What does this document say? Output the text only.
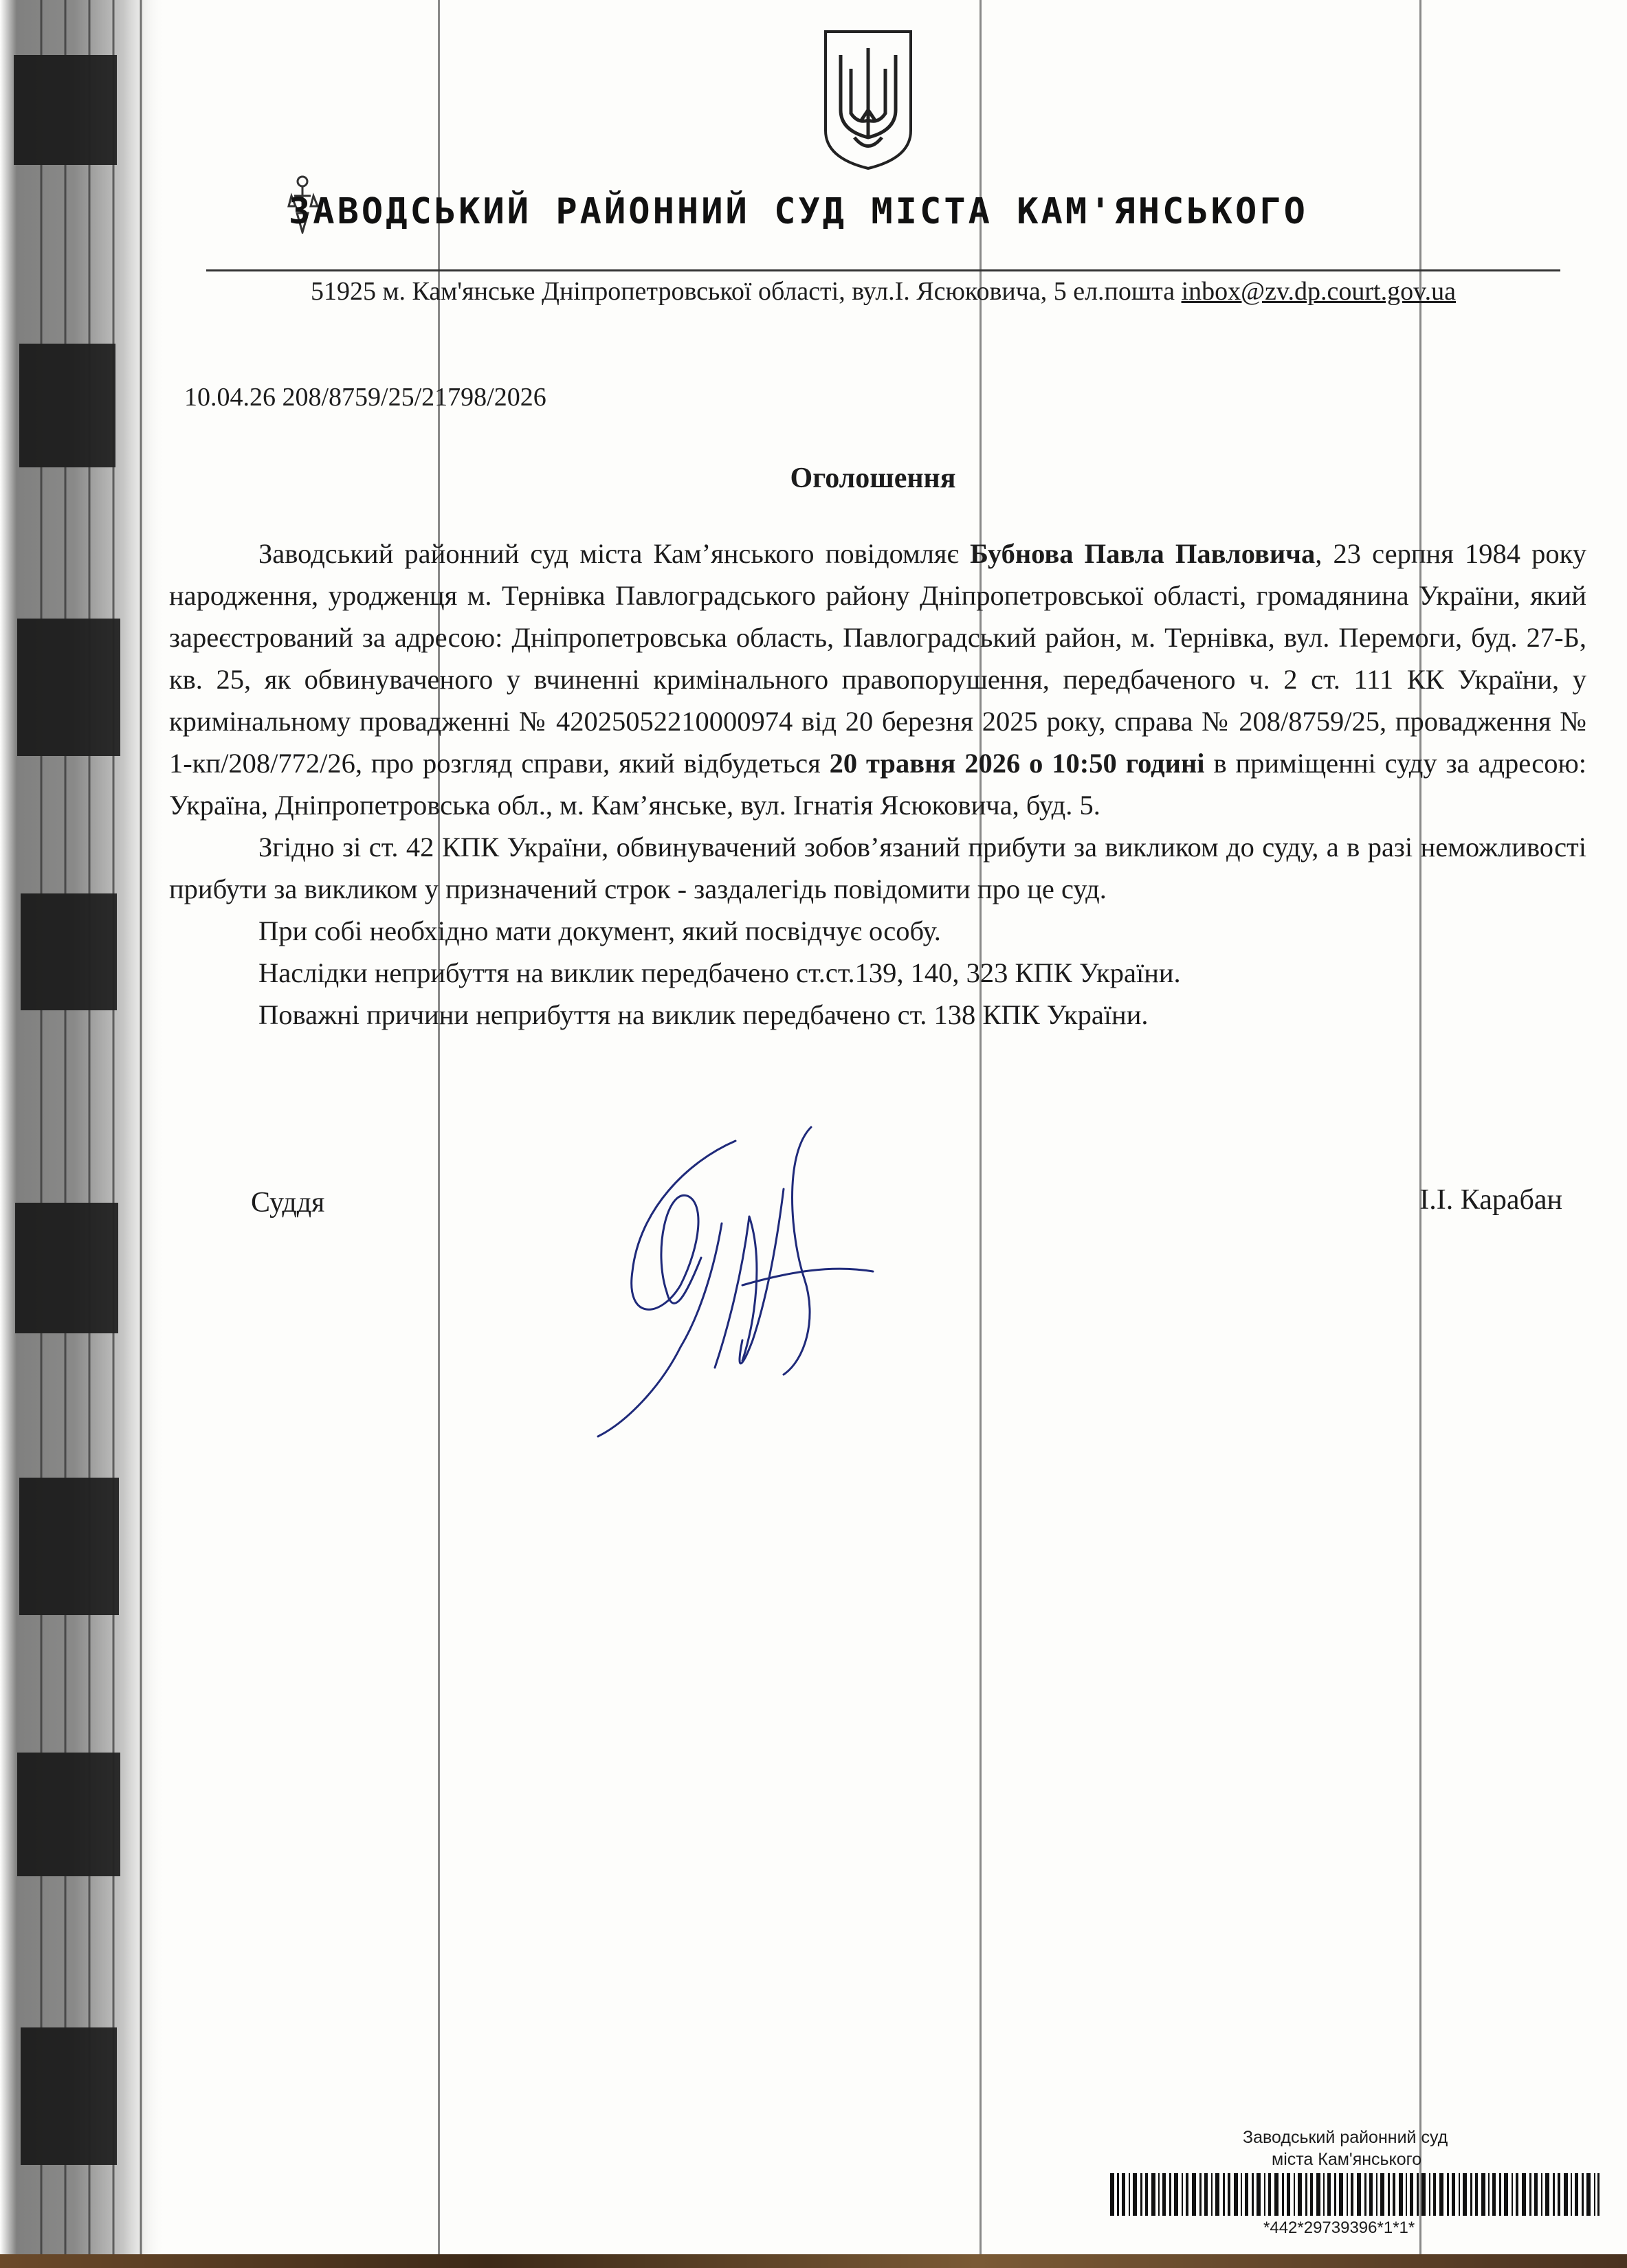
ЗАВОДСЬКИЙ РАЙОННИЙ СУД МІСТА КАМ'ЯНСЬКОГО
51925 м. Кам'янське Дніпропетровської області, вул.І. Ясюковича, 5 ел.пошта inbox@zv.dp.court.gov.ua
10.04.26 208/8759/25/21798/2026
Оголошення

Заводський районний суд міста Кам’янського повідомляє Бубнова Павла Павловича, 23 серпня 1984 року народження, уродженця м. Тернівка Павлоградського району Дніпропетровської області, громадянина України, який зареєстрований за адресою: Дніпропетровська область, Павлоградський район, м. Тернівка, вул. Перемоги, буд. 27-Б, кв. 25, як обвинуваченого у вчиненні кримінального правопорушення, передбаченого ч. 2 ст. 111 КК України, у кримінальному провадженні № 42025052210000974 від 20 березня 2025 року, справа № 208/8759/25, провадження № 1-кп/208/772/26, про розгляд справи, який відбудеться 20 травня 2026 о 10:50 годині в приміщенні суду за адресою: Україна, Дніпропетровська обл., м. Кам’янське, вул. Ігнатія Ясюковича, буд. 5.

Згідно зі ст. 42 КПК України, обвинувачений зобов’язаний прибути за викликом до суду, а в разі неможливості прибути за викликом у призначений строк - заздалегідь повідомити про це суд.

При собі необхідно мати документ, який посвідчує особу.

Наслідки неприбуття на виклик передбачено ст.ст.139, 140, 323 КПК України.

Поважні причини неприбуття на виклик передбачено ст. 138 КПК України.

Суддя	І.І. Карабан
Заводський районний суд
міста Кам'янського
*442*29739396*1*1*
